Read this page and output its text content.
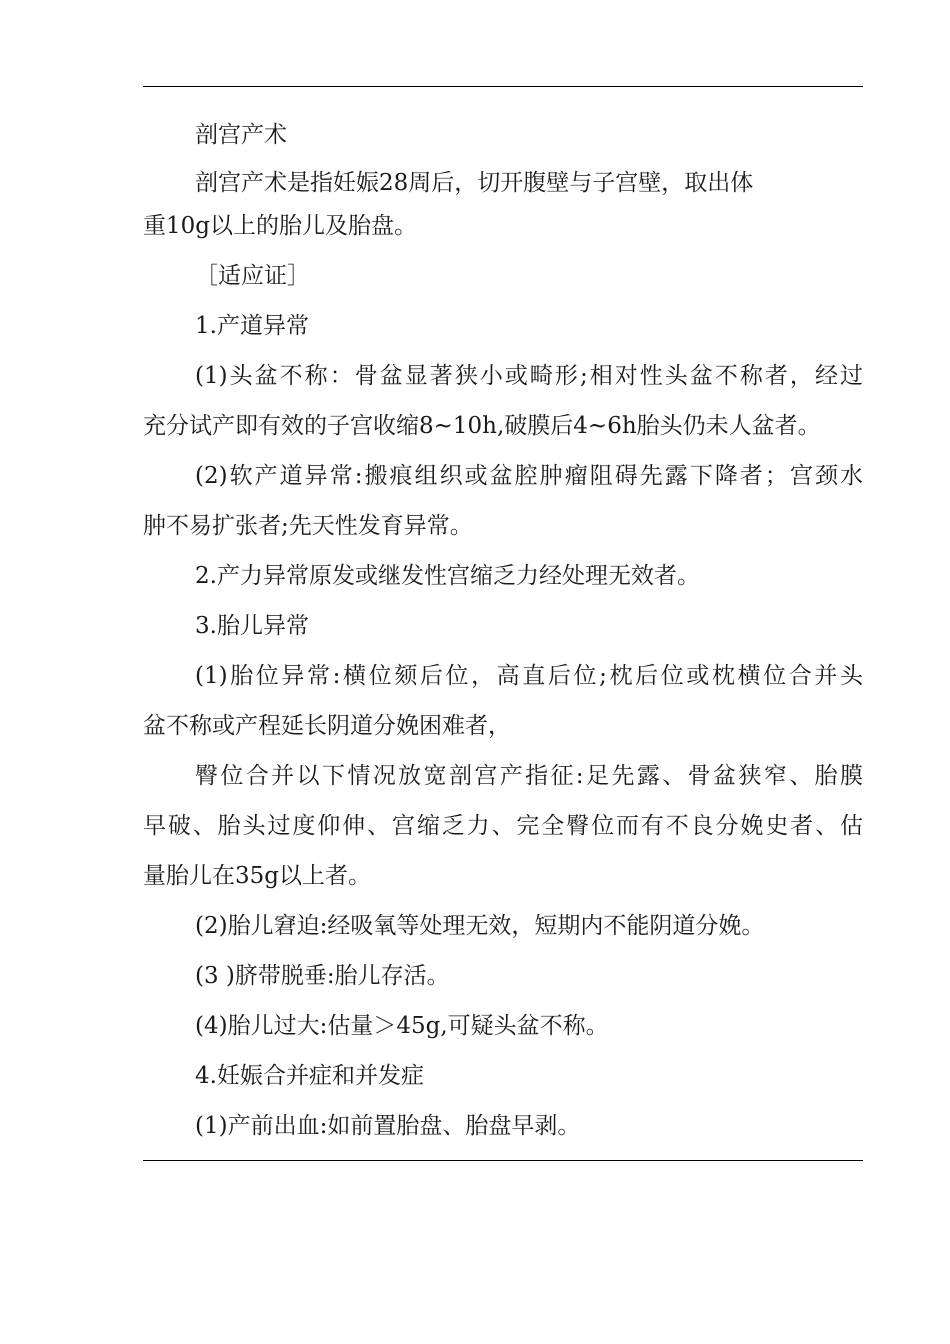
剖宫产术
剖宫产术是指妊娠28周后，切开腹壁与子宫壁，取出体
重10g以上的胎儿及胎盘。
［适应证］
1.产道异常
(1)头盆不称：骨盆显著狭小或畸形;相对性头盆不称者，经过
充分试产即有效的子宫收缩8~10h,破膜后4~6h胎头仍未人盆者。
(2)软产道异常:搬痕组织或盆腔肿瘤阻碍先露下降者；宫颈水
肿不易扩张者;先天性发育异常。
2.产力异常原发或继发性宫缩乏力经处理无效者。
3.胎儿异常
(1)胎位异常:横位颏后位，高直后位;枕后位或枕横位合并头
盆不称或产程延长阴道分娩困难者，
臀位合并以下情况放宽剖宫产指征:足先露、骨盆狭窄、胎膜
早破、胎头过度仰伸、宫缩乏力、完全臀位而有不良分娩史者、估
量胎儿在35g以上者。
(2)胎儿窘迫:经吸氧等处理无效，短期内不能阴道分娩。
(3 )脐带脱垂:胎儿存活。
(4)胎儿过大:估量＞45g,可疑头盆不称。
4.妊娠合并症和并发症
(1)产前出血:如前置胎盘、胎盘早剥。
